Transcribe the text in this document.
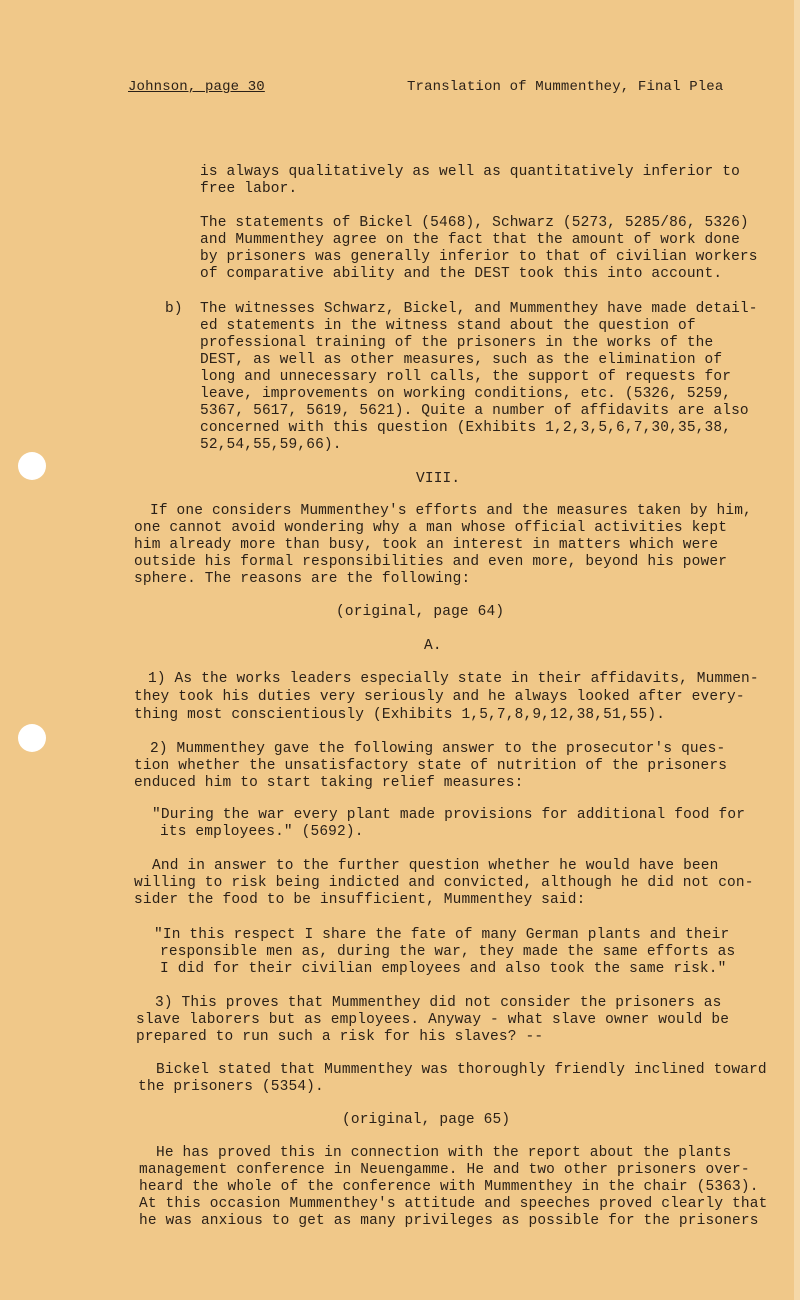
Johnson, page 30	Translation of Mummenthey, Final Plea
is always qualitatively as well as quantitatively inferior to
free labor.
The statements of Bickel (5468), Schwarz (5273, 5285/86, 5326)
and Mummenthey agree on the fact that the amount of work done
by prisoners was generally inferior to that of civilian workers
of comparative ability and the DEST took this into account.
b) The witnesses Schwarz, Bickel, and Mummenthey have made detail-
ed statements in the witness stand about the question of
professional training of the prisoners in the works of the
DEST, as well as other measures, such as the elimination of
long and unnecessary roll calls, the support of requests for
leave, improvements on working conditions, etc. (5326, 5259,
5367, 5617, 5619, 5621). Quite a number of affidavits are also
concerned with this question (Exhibits 1,2,3,5,6,7,30,35,38,
52,54,55,59,66).
VIII.
If one considers Mummenthey's efforts and the measures taken by him,
one cannot avoid wondering why a man whose official activities kept
him already more than busy, took an interest in matters which were
outside his formal responsibilities and even more, beyond his power
sphere. The reasons are the following:
(original, page 64)
A.
1) As the works leaders especially state in their affidavits, Mummen-
they took his duties very seriously and he always looked after every-
thing most conscientiously (Exhibits 1,5,7,8,9,12,38,51,55).
2) Mummenthey gave the following answer to the prosecutor's ques-
tion whether the unsatisfactory state of nutrition of the prisoners
enduced him to start taking relief measures:
"During the war every plant made provisions for additional food for
its employees." (5692).
And in answer to the further question whether he would have been
willing to risk being indicted and convicted, although he did not con-
sider the food to be insufficient, Mummenthey said:
"In this respect I share the fate of many German plants and their
responsible men as, during the war, they made the same efforts as
I did for their civilian employees and also took the same risk."
3) This proves that Mummenthey did not consider the prisoners as
slave laborers but as employees. Anyway - what slave owner would be
prepared to run such a risk for his slaves? --
Bickel stated that Mummenthey was thoroughly friendly inclined toward
the prisoners (5354).
(original, page 65)
He has proved this in connection with the report about the plants
management conference in Neuengamme. He and two other prisoners over-
heard the whole of the conference with Mummenthey in the chair (5363).
At this occasion Mummenthey's attitude and speeches proved clearly that
he was anxious to get as many privileges as possible for the prisoners
